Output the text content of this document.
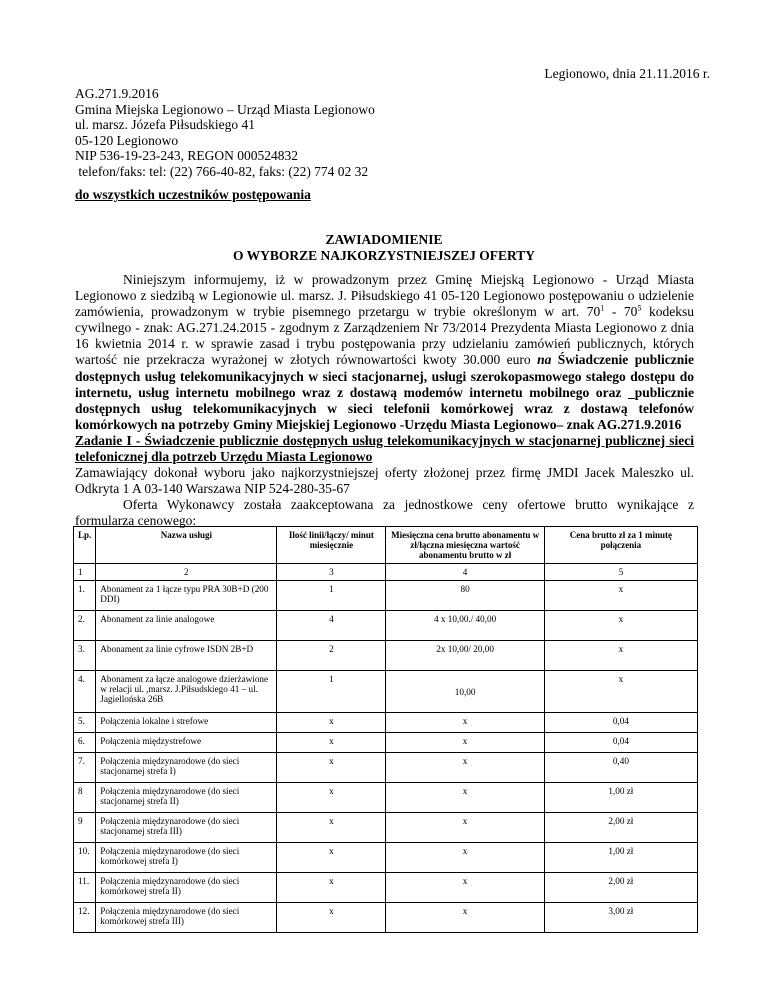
Legionowo, dnia 21.11.2016 r.
AG.271.9.2016
Gmina Miejska Legionowo – Urząd Miasta Legionowo
ul. marsz. Józefa Piłsudskiego 41
05-120 Legionowo
NIP 536-19-23-243, REGON 000524832
telefon/faks: tel: (22) 766-40-82, faks: (22) 774 02 32
do wszystkich uczestników postępowania
ZAWIADOMIENIE
O WYBORZE NAJKORZYSTNIEJSZEJ OFERTY

Niniejszym informujemy, iż w prowadzonym przez Gminę Miejską Legionowo - Urząd Miasta Legionowo z siedzibą w Legionowie ul. marsz. J. Piłsudskiego 41 05-120 Legionowo postępowaniu o udzielenie zamówienia, prowadzonym w trybie pisemnego przetargu w trybie określonym w art. $70^1 - 70^5$ kodeksu cywilnego - znak: AG.271.24.2015 - zgodnym z Zarządzeniem Nr 73/2014 Prezydenta Miasta Legionowo z dnia 16 kwietnia 2014 r. w sprawie zasad i trybu postępowania przy udzielaniu zamówień publicznych, których wartość nie przekracza wyrażonej w złotych równowartości kwoty 30.000 euro na Świadczenie publicznie dostępnych usług telekomunikacyjnych w sieci stacjonarnej, usługi szerokopasmowego stałego dostępu do internetu, usług internetu mobilnego wraz z dostawą modemów internetu mobilnego oraz _publicznie dostępnych usług telekomunikacyjnych w sieci telefonii komórkowej wraz z dostawą telefonów komórkowych na potrzeby Gminy Miejskiej Legionowo -Urzędu Miasta Legionowo– znak AG.271.9.2016

Zadanie I - Świadczenie publicznie dostępnych usług telekomunikacyjnych w stacjonarnej publicznej sieci telefonicznej dla potrzeb Urzędu Miasta Legionowo

Zamawiający dokonał wyboru jako najkorzystniejszej oferty złożonej przez firmę JMDI Jacek Maleszko ul. Odkryta 1 A 03-140 Warszawa NIP 524-280-35-67

Oferta Wykonawcy została zaakceptowana za jednostkowe ceny ofertowe brutto wynikające z formularza cenowego:

Lp.	Nazwa usługi	Ilość linii/łączy/ minut miesięcznie	Miesięczna cena brutto abonamentu w zł/łączna miesięczna wartość abonamentu brutto w zł	Cena brutto zł za 1 minutę połączenia
1	2	3	4	5
1.	Abonament za 1 łącze typu PRA 30B+D (200 DDI)	1	80	x
2.	Abonament za linie analogowe	4	4 x 10,00./ 40,00	x
3.	Abonament za linie cyfrowe ISDN 2B+D	2	2x 10,00/ 20,00	x
4.	Abonament za łącze analogowe dzierżawione w relacji ul. ,marsz. J.Piłsudskiego 41 – ul. Jagiellońska 26B	1	10,00	x
5.	Połączenia lokalne i strefowe	x	x	0,04
6.	Połączenia międzystrefowe	x	x	0,04
7.	Połączenia międzynarodowe (do sieci stacjonarnej strefa I)	x	x	0,40
8	Połączenia międzynarodowe (do sieci stacjonarnej strefa II)	x	x	1,00 zł
9	Połączenia międzynarodowe (do sieci stacjonarnej strefa III)	x	x	2,00 zł
10.	Połączenia międzynarodowe (do sieci komórkowej strefa I)	x	x	1,00 zł
11.	Połączenia międzynarodowe (do sieci komórkowej strefa II)	x	x	2,00 zł
12.	Połączenia międzynarodowe (do sieci komórkowej strefa III)	x	x	3,00 zł
